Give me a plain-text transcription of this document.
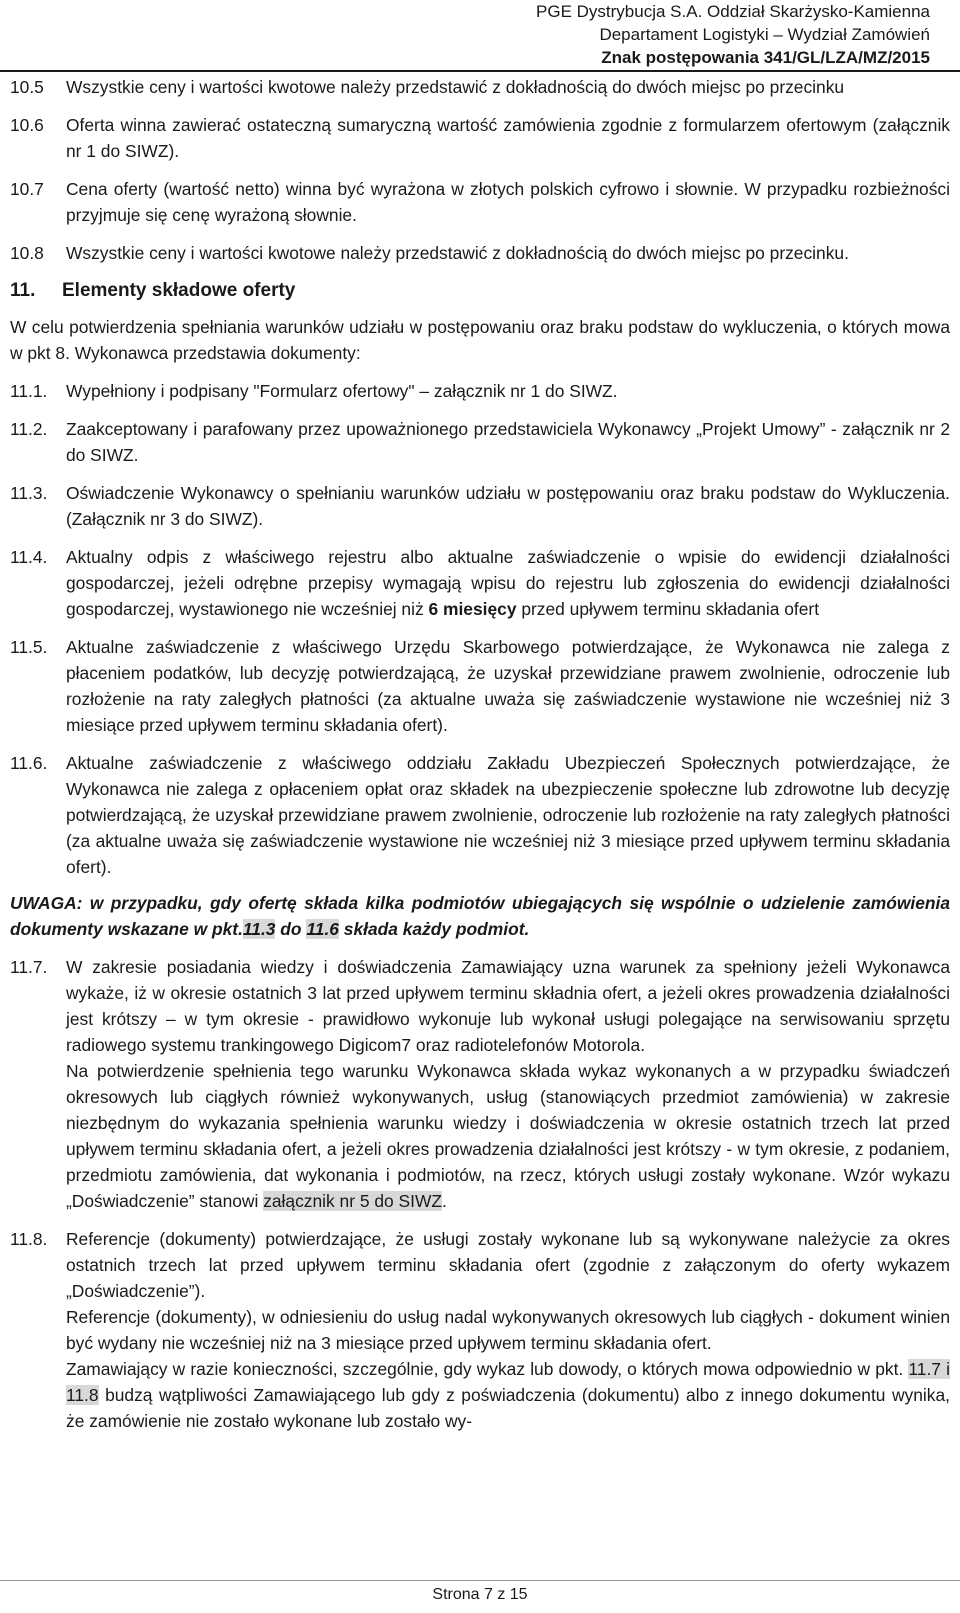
PGE Dystrybucja S.A. Oddział Skarżysko-Kamienna
Departament Logistyki – Wydział Zamówień
Znak postępowania 341/GL/LZA/MZ/2015
10.5	Wszystkie ceny i wartości kwotowe należy przedstawić z dokładnością do dwóch miejsc po przecinku
10.6	Oferta winna zawierać ostateczną sumaryczną wartość zamówienia zgodnie z formularzem ofertowym (załącznik nr 1 do SIWZ).
10.7	Cena oferty (wartość netto) winna być wyrażona w złotych polskich cyfrowo i słownie. W przypadku rozbieżności przyjmuje się cenę wyrażoną słownie.
10.8	Wszystkie ceny i wartości kwotowe należy przedstawić z dokładnością do dwóch miejsc po przecinku.
11.	Elementy składowe oferty
W celu potwierdzenia spełniania warunków udziału w postępowaniu oraz braku podstaw do wykluczenia, o których mowa w pkt 8. Wykonawca przedstawia dokumenty:
11.1.	Wypełniony i podpisany "Formularz ofertowy" – załącznik nr 1 do SIWZ.
11.2.	Zaakceptowany i parafowany przez upoważnionego przedstawiciela Wykonawcy „Projekt Umowy” - załącznik nr 2 do SIWZ.
11.3.	Oświadczenie Wykonawcy o spełnianiu warunków udziału w postępowaniu oraz braku podstaw do Wykluczenia. (Załącznik nr 3 do SIWZ).
11.4.	Aktualny odpis z właściwego rejestru albo aktualne zaświadczenie o wpisie do ewidencji działalności gospodarczej, jeżeli odrębne przepisy wymagają wpisu do rejestru lub zgłoszenia do ewidencji działalności gospodarczej, wystawionego nie wcześniej niż 6 miesięcy przed upływem terminu składania ofert
11.5.	Aktualne zaświadczenie z właściwego Urzędu Skarbowego potwierdzające, że Wykonawca nie zalega z płaceniem podatków, lub decyzję potwierdzającą, że uzyskał przewidziane prawem zwolnienie, odroczenie lub rozłożenie na raty zaległych płatności (za aktualne uważa się zaświadczenie wystawione nie wcześniej niż 3 miesiące przed upływem terminu składania ofert).
11.6.	Aktualne zaświadczenie z właściwego oddziału Zakładu Ubezpieczeń Społecznych potwierdzające, że Wykonawca nie zalega z opłaceniem opłat oraz składek na ubezpieczenie społeczne lub zdrowotne lub decyzję potwierdzającą, że uzyskał przewidziane prawem zwolnienie, odroczenie lub rozłożenie na raty zaległych płatności (za aktualne uważa się zaświadczenie wystawione nie wcześniej niż 3 miesiące przed upływem terminu składania ofert).
UWAGA: w przypadku, gdy ofertę składa kilka podmiotów ubiegających się wspólnie o udzielenie zamówienia dokumenty wskazane w pkt.11.3 do 11.6 składa każdy podmiot.
11.7.	W zakresie posiadania wiedzy i doświadczenia Zamawiający uzna warunek za spełniony jeżeli Wykonawca wykaże, iż w okresie ostatnich 3 lat przed upływem terminu składnia ofert, a jeżeli okres prowadzenia działalności jest krótszy – w tym okresie - prawidłowo wykonuje lub wykonał usługi polegające na serwisowaniu sprzętu radiowego systemu trankingowego Digicom7 oraz radiotelefonów Motorola.

Na potwierdzenie spełnienia tego warunku Wykonawca składa wykaz wykonanych a w przypadku świadczeń okresowych lub ciągłych również wykonywanych, usług (stanowiących przedmiot zamówienia) w zakresie niezbędnym do wykazania spełnienia warunku wiedzy i doświadczenia w okresie ostatnich trzech lat przed upływem terminu składania ofert, a jeżeli okres prowadzenia działalności jest krótszy - w tym okresie, z podaniem, przedmiotu zamówienia, dat wykonania i podmiotów, na rzecz, których usługi zostały wykonane. Wzór wykazu „Doświadczenie” stanowi załącznik nr 5 do SIWZ.

11.8.	Referencje (dokumenty) potwierdzające, że usługi zostały wykonane lub są wykonywane należycie za okres ostatnich trzech lat przed upływem terminu składania ofert (zgodnie z załączonym do oferty wykazem „Doświadczenie”).

Referencje (dokumenty), w odniesieniu do usług nadal wykonywanych okresowych lub ciągłych - dokument winien być wydany nie wcześniej niż na 3 miesiące przed upływem terminu składania ofert.

Zamawiający w razie konieczności, szczególnie, gdy wykaz lub dowody, o których mowa odpowiednio w pkt. 11.7 i 11.8 budzą wątpliwości Zamawiającego lub gdy z poświadczenia (dokumentu) albo z innego dokumentu wynika, że zamówienie nie zostało wykonane lub zostało wy-

Strona 7 z 15
